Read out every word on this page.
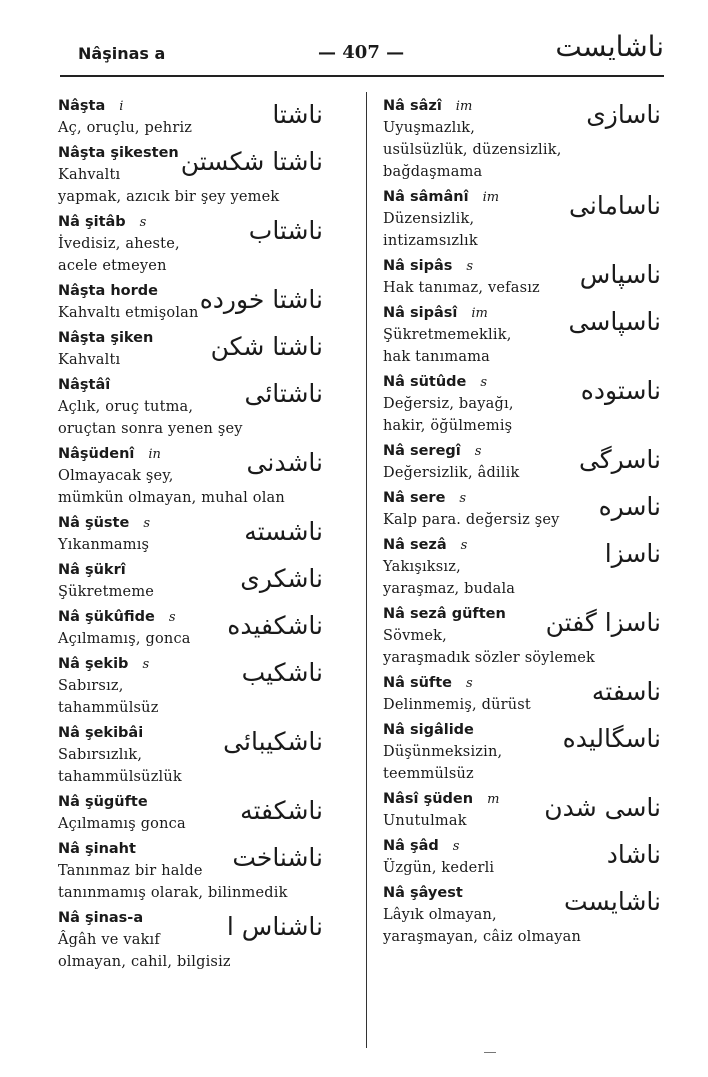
Nâşinas a	— 407 —	ناشايست
Nâşta i
Aç, oruçlu, pehriz	ناشتا
Nâşta şikesten
Kahvaltı
yapmak, azıcık bir şey yemek
ناشتا شكستن
Nâ şitâb s
İvedisiz, aheste,
acele etmeyen
ناشتاب
Nâşta horde
Kahvaltı etmişolan ناشتا خورده
Nâşta şiken
Kahvaltı	ناشتا شكن
Nâştâî
Açlık, oruç tutma,
oruçtan sonra yenen şey
ناشتائى
Nâşüdenî in
Olmayacak şey,
mümkün olmayan, muhal olan
ناشدنى
Nâ şüste s
Yıkanmamış	ناشسته
Nâ şükrî
Şükretmeme	ناشكرى
Nâ şükûfide s
Açılmamış, gonca	ناشكفيده
Nâ şekib s
Sabırsız,
tahammülsüz
ناشكيب
Nâ şekibâi
Sabırsızlık,
tahammülsüzlük
ناشكيبائى
Nâ şügüfte
Açılmamış gonca	ناشكفته
Nâ şinaht
Tanınmaz bir halde
tanınmamış olarak, bilinmedik
ناشناخت
Nâ şinas-a
Âgâh ve vakıf
olmayan, cahil, bilgisiz
ناشناس ا
Nâ sâzî im
Uyuşmazlık,
usülsüzlük, düzensizlik,
bağdaşmama
ناسازى
Nâ sâmânî im
Düzensizlik,
intizamsızlık
ناسامانى
Nâ sipâs s
Hak tanımaz, vefasız	ناسپاس
Nâ sipâsî im
Şükretmemeklik,
hak tanımama
ناسپاسى
Nâ sütûde s
Değersiz, bayağı,
hakir, öğülmemiş
ناستوده
Nâ seregî s
Değersizlik, âdilik	ناسرگى
Nâ sere s
Kalp para. değersiz şey	ناسره
Nâ sezâ s
Yakışıksız,
yaraşmaz, budala
ناسزا
Nâ sezâ güften
Sövmek,
yaraşmadık sözler söylemek
ناسزا گفتن
Nâ süfte s
Delinmemiş, dürüst	ناسفته
Nâ sigâlide
Düşünmeksizin,
teemmülsüz
ناسگاليده
Nâsî şüden m
Unutulmak	ناسى شدن
Nâ şâd s
Üzgün, kederli	ناشاد
Nâ şâyest
Lâyık olmayan,
yaraşmayan, câiz olmayan
ناشايست
